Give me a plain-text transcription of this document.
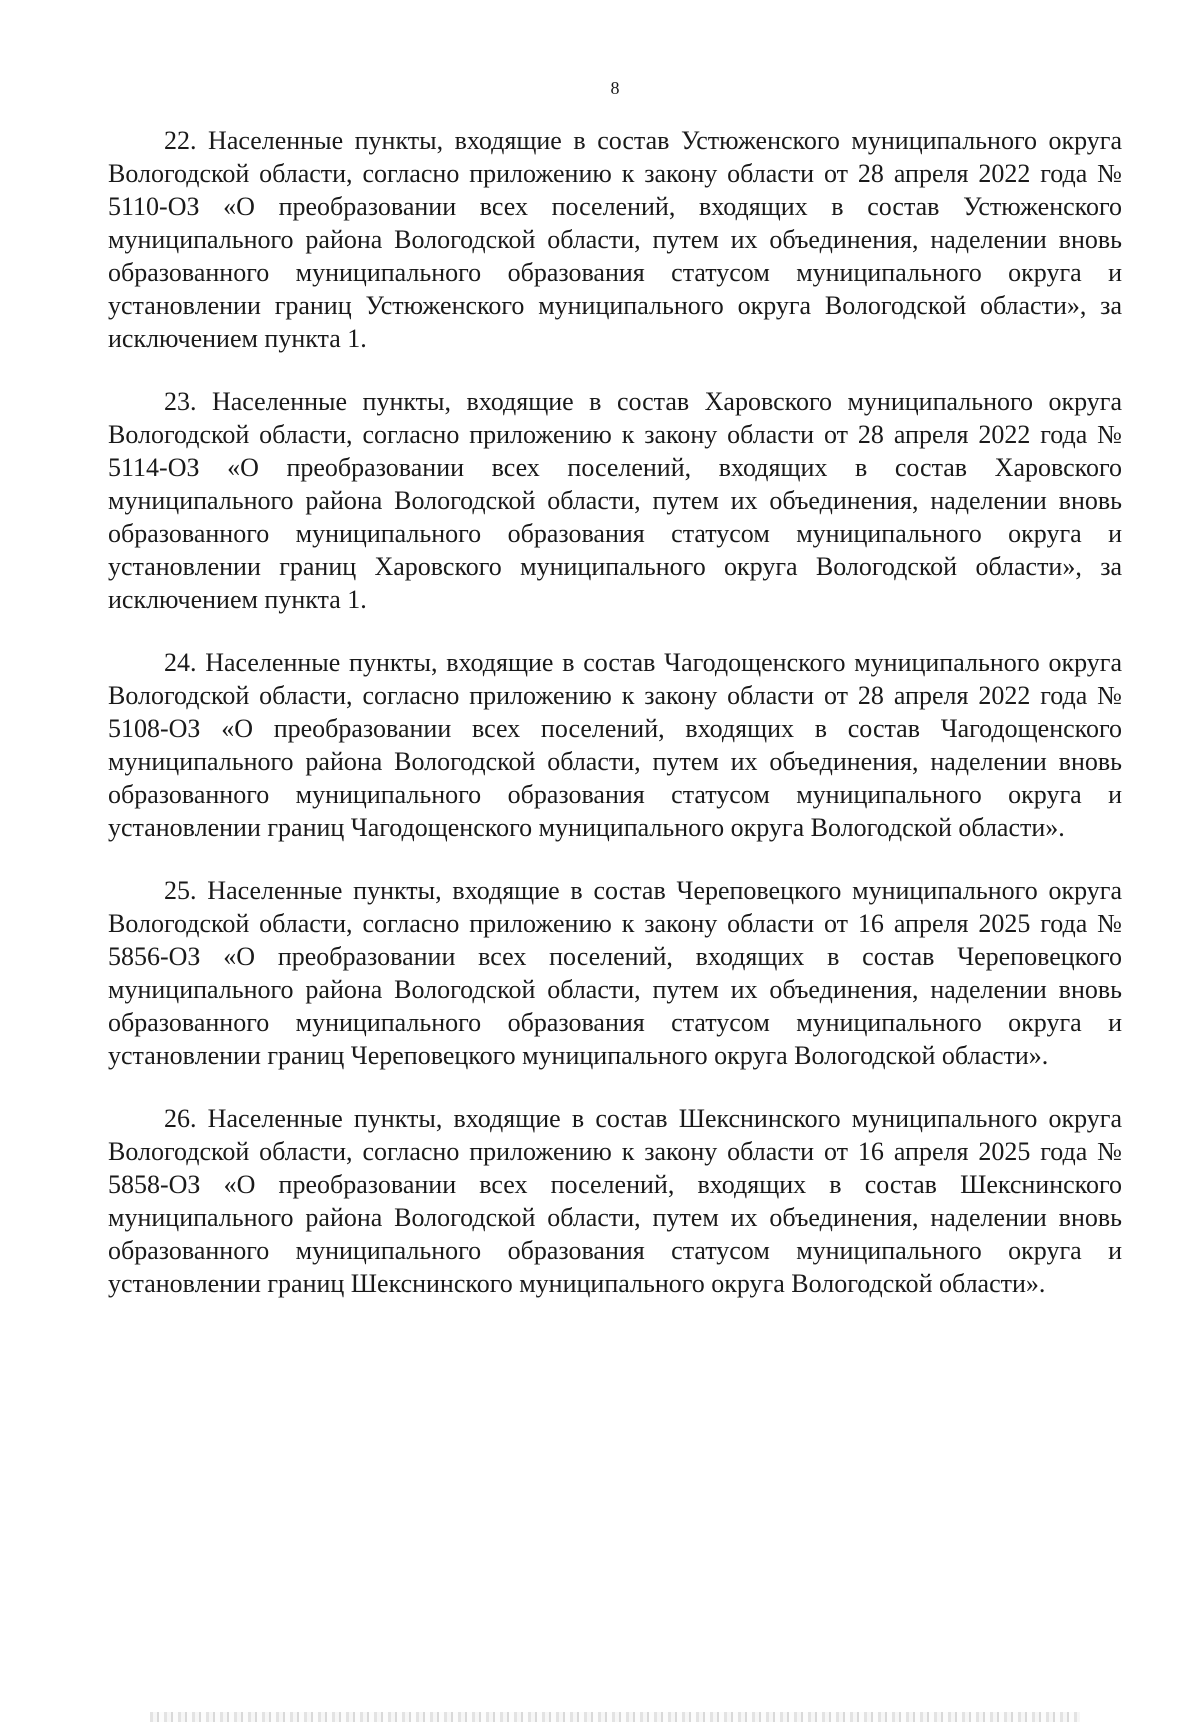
8

22. Населенные пункты, входящие в состав Устюженского муниципального округа Вологодской области, согласно приложению к закону области от 28 апреля 2022 года № 5110-ОЗ «О преобразовании всех поселений, входящих в состав Устюженского муниципального района Вологодской области, путем их объединения, наделении вновь образованного муниципального образования статусом муниципального округа и установлении границ Устюженского муниципального округа Вологодской области», за исключением пункта 1.

23. Населенные пункты, входящие в состав Харовского муниципального округа Вологодской области, согласно приложению к закону области от 28 апреля 2022 года № 5114-ОЗ «О преобразовании всех поселений, входящих в состав Харовского муниципального района Вологодской области, путем их объединения, наделении вновь образованного муниципального образования статусом муниципального округа и установлении границ Харовского муниципального округа Вологодской области», за исключением пункта 1.

24. Населенные пункты, входящие в состав Чагодощенского муниципального округа Вологодской области, согласно приложению к закону области от 28 апреля 2022 года № 5108-ОЗ «О преобразовании всех поселений, входящих в состав Чагодощенского муниципального района Вологодской области, путем их объединения, наделении вновь образованного муниципального образования статусом муниципального округа и установлении границ Чагодощенского муниципального округа Вологодской области».

25. Населенные пункты, входящие в состав Череповецкого муниципального округа Вологодской области, согласно приложению к закону области от 16 апреля 2025 года № 5856-ОЗ «О преобразовании всех поселений, входящих в состав Череповецкого муниципального района Вологодской области, путем их объединения, наделении вновь образованного муниципального образования статусом муниципального округа и установлении границ Череповецкого муниципального округа Вологодской области».

26. Населенные пункты, входящие в состав Шекснинского муниципального округа Вологодской области, согласно приложению к закону области от 16 апреля 2025 года № 5858-ОЗ «О преобразовании всех поселений, входящих в состав Шекснинского муниципального района Вологодской области, путем их объединения, наделении вновь образованного муниципального образования статусом муниципального округа и установлении границ Шекснинского муниципального округа Вологодской области».
